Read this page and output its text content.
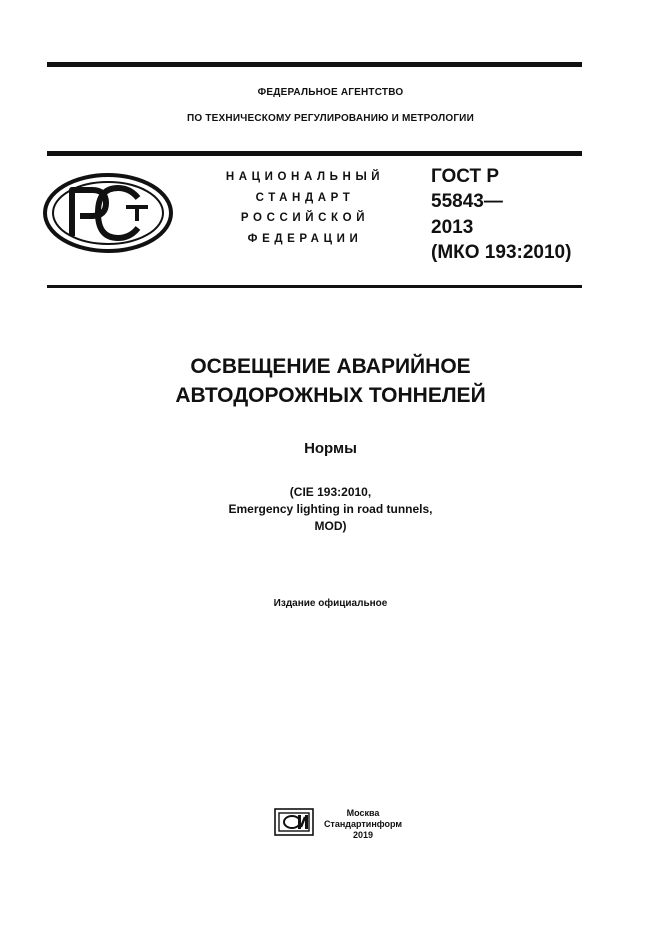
ФЕДЕРАЛЬНОЕ АГЕНТСТВО
ПО ТЕХНИЧЕСКОМУ РЕГУЛИРОВАНИЮ И МЕТРОЛОГИИ
НАЦИОНАЛЬНЫЙ
СТАНДАРТ
РОССИЙСКОЙ
ФЕДЕРАЦИИ
ГОСТ Р
55843—
2013
(МКО 193:2010)
ОСВЕЩЕНИЕ АВАРИЙНОЕ
АВТОДОРОЖНЫХ ТОННЕЛЕЙ
Нормы
(CIE 193:2010,
Emergency lighting in road tunnels,
MOD)
Издание официальное
Москва
Стандартинформ
2019
